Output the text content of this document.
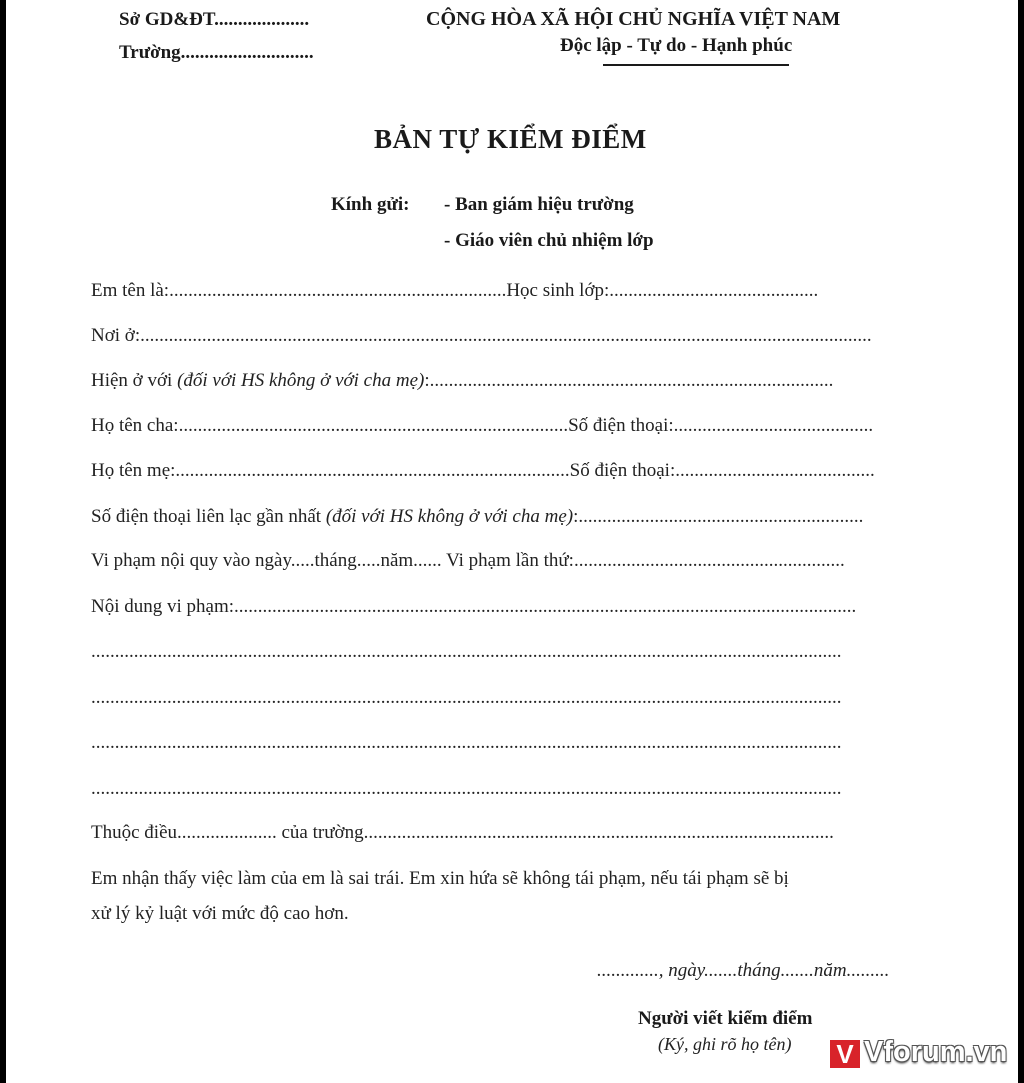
Sở GD&ĐT....................
Trường............................
CỘNG HÒA XÃ HỘI CHỦ NGHĨA VIỆT NAM
Độc lập - Tự do - Hạnh phúc
BẢN TỰ KIỂM ĐIỂM
Kính gửi: - Ban giám hiệu trường
- Giáo viên chủ nhiệm lớp
Em tên là:.......................................................................Học sinh lớp:............................................
Nơi ở:..........................................................................................................................................................
Hiện ở với (đối với HS không ở với cha mẹ):.....................................................................................
Họ tên cha:..................................................................................Số điện thoại:..........................................
Họ tên mẹ:...................................................................................Số điện thoại:..........................................
Số điện thoại liên lạc gần nhất (đối với HS không ở với cha mẹ):............................................................
Vi phạm nội quy vào ngày.....tháng.....năm...... Vi phạm lần thứ:.........................................................
Nội dung vi phạm:...................................................................................................................................
..............................................................................................................................................................
..............................................................................................................................................................
..............................................................................................................................................................
..............................................................................................................................................................
Thuộc điều..................... của trường...................................................................................................
Em nhận thấy việc làm của em là sai trái. Em xin hứa sẽ không tái phạm, nếu tái phạm sẽ bị
xử lý kỷ luật với mức độ cao hơn.
............., ngày.......tháng.......năm.........
Người viết kiểm điểm
(Ký, ghi rõ họ tên) V Vforum.vn
